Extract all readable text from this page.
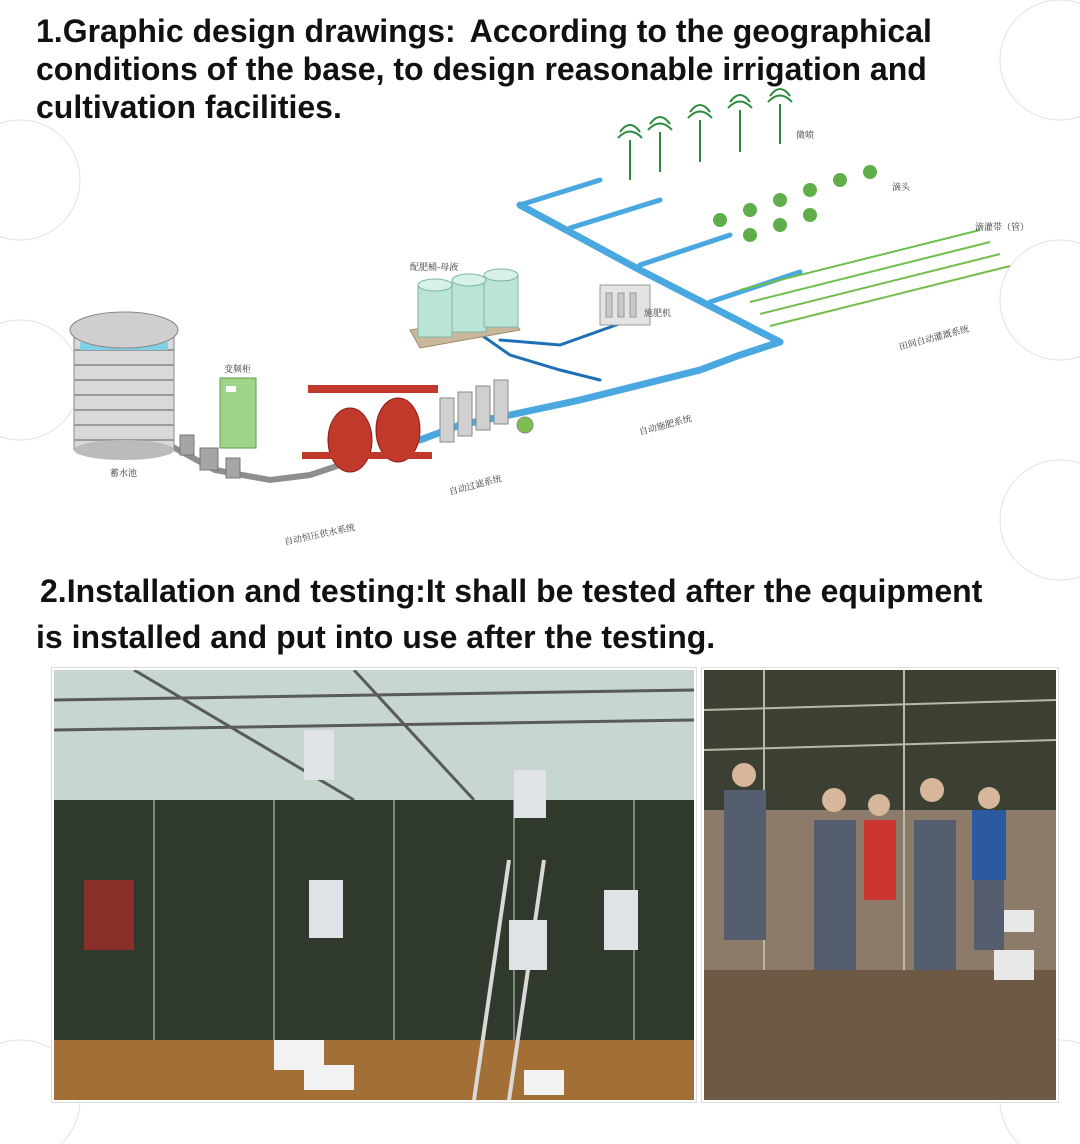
1.Graphic design drawings: According to the geographical conditions of the base, to design reasonable irrigation and cultivation facilities.

蓄水池
变频柜
配肥桶-母液
施肥机
微喷
滴头
滴灌带（管）
田间自动灌溉系统
自动施肥系统
自动过滤系统
自动恒压供水系统

2.Installation and testing:It shall be tested after the equipment
is installed and put into use after the testing.
